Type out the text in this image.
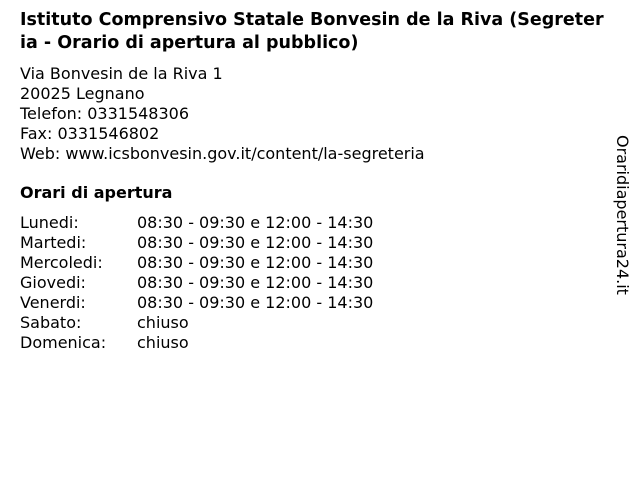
Istituto Comprensivo Statale Bonvesin de la Riva (Segreteria - Orario di apertura al pubblico)
Via Bonvesin de la Riva 1
20025 Legnano
Telefon: 0331548306
Fax: 0331546802
Web: www.icsbonvesin.gov.it/content/la-segreteria
Orari di apertura
Lunedi:	08:30 - 09:30 e 12:00 - 14:30
Martedi:	08:30 - 09:30 e 12:00 - 14:30
Mercoledi: 08:30 - 09:30 e 12:00 - 14:30
Giovedi:	08:30 - 09:30 e 12:00 - 14:30
Venerdi:	08:30 - 09:30 e 12:00 - 14:30
Sabato:	chiuso
Domenica: chiuso
Oraridiapertura24.it
